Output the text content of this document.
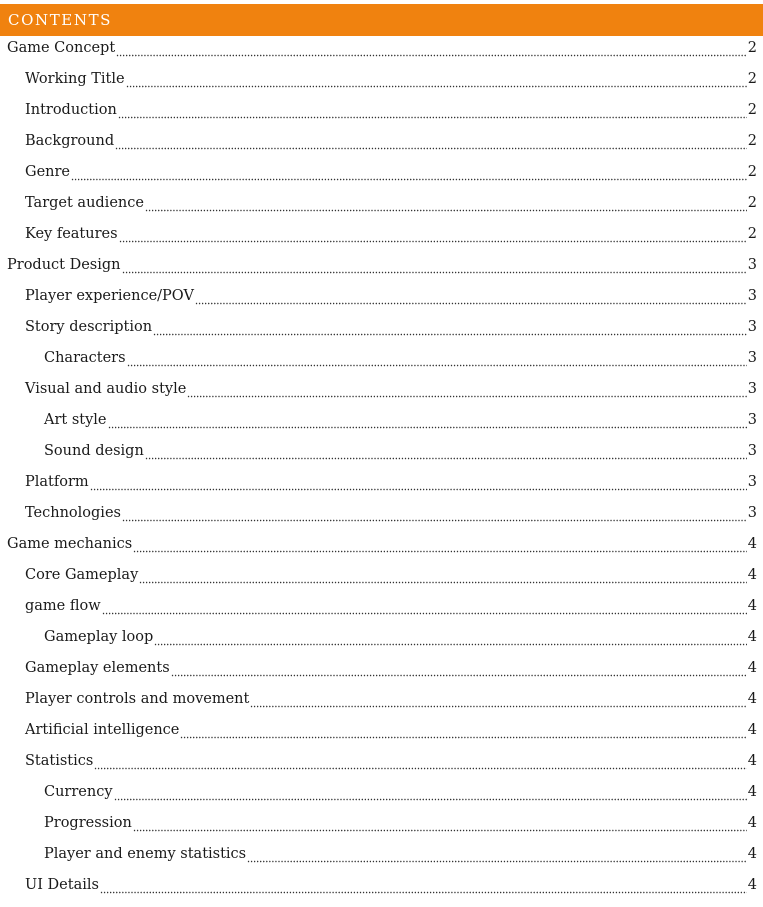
CONTENTS
Game Concept	2
Working Title	2
Introduction	2
Background	2
Genre	2
Target audience	2
Key features	2
Product Design	3
Player experience/POV	3
Story description	3
Characters	3
Visual and audio style	3
Art style	3
Sound design	3
Platform	3
Technologies	3
Game mechanics	4
Core Gameplay	4
game flow	4
Gameplay loop	4
Gameplay elements	4
Player controls and movement	4
Artificial intelligence	4
Statistics	4
Currency	4
Progression	4
Player and enemy statistics	4
UI Details	4
